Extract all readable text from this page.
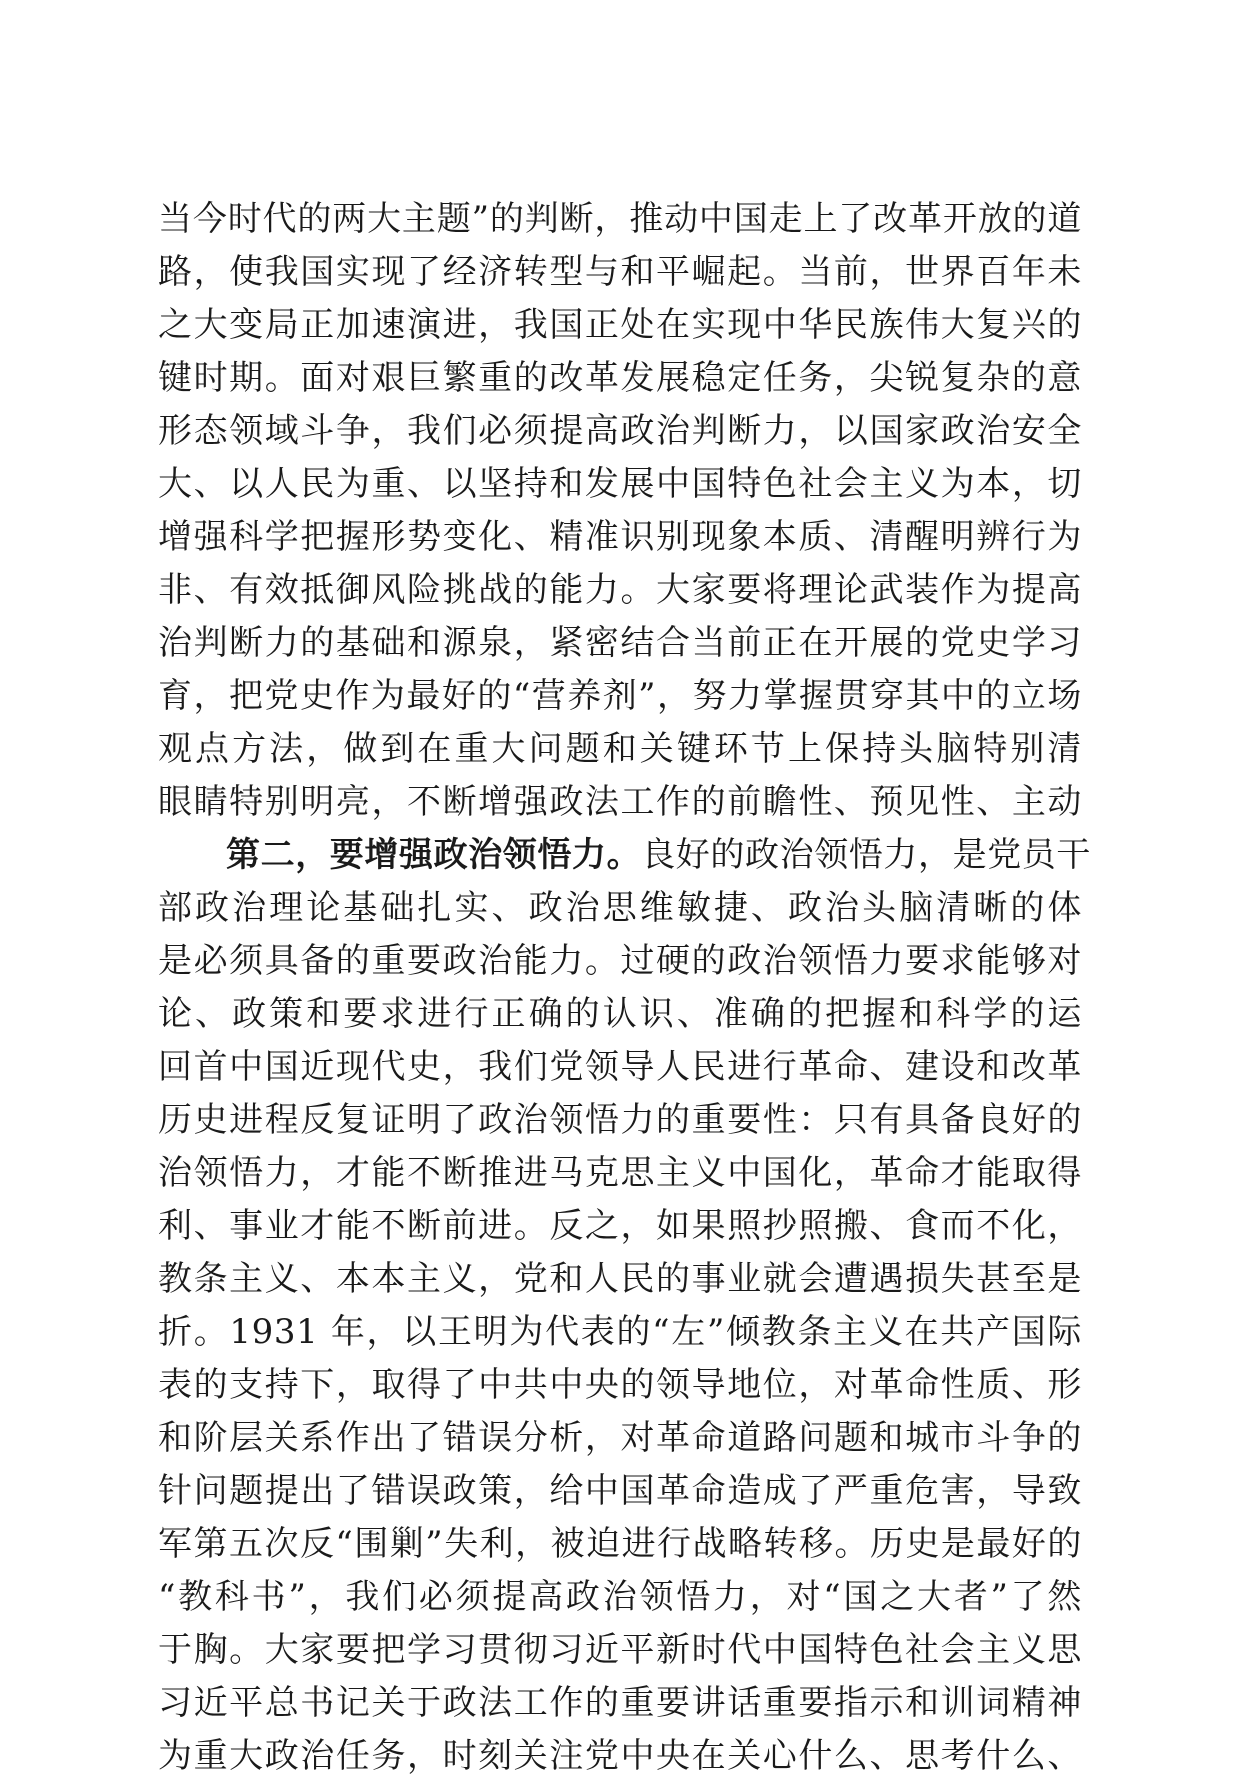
当今时代的两大主题”的判断，推动中国走上了改革开放的道
路，使我国实现了经济转型与和平崛起。当前，世界百年未
之大变局正加速演进，我国正处在实现中华民族伟大复兴的
键时期。面对艰巨繁重的改革发展稳定任务，尖锐复杂的意
形态领域斗争，我们必须提高政治判断力，以国家政治安全
大、以人民为重、以坚持和发展中国特色社会主义为本，切
增强科学把握形势变化、精准识别现象本质、清醒明辨行为
非、有效抵御风险挑战的能力。大家要将理论武装作为提高
治判断力的基础和源泉，紧密结合当前正在开展的党史学习
育，把党史作为最好的“营养剂”，努力掌握贯穿其中的立场
观点方法，做到在重大问题和关键环节上保持头脑特别清
眼睛特别明亮，不断增强政法工作的前瞻性、预见性、主动
第二，要增强政治领悟力。良好的政治领悟力，是党员干
部政治理论基础扎实、政治思维敏捷、政治头脑清晰的体
是必须具备的重要政治能力。过硬的政治领悟力要求能够对
论、政策和要求进行正确的认识、准确的把握和科学的运
回首中国近现代史，我们党领导人民进行革命、建设和改革
历史进程反复证明了政治领悟力的重要性：只有具备良好的
治领悟力，才能不断推进马克思主义中国化，革命才能取得
利、事业才能不断前进。反之，如果照抄照搬、食而不化，
教条主义、本本主义，党和人民的事业就会遭遇损失甚至是
折。1931 年，以王明为代表的“左”倾教条主义在共产国际
表的支持下，取得了中共中央的领导地位，对革命性质、形
和阶层关系作出了错误分析，对革命道路问题和城市斗争的
针问题提出了错误政策，给中国革命造成了严重危害，导致
军第五次反“围剿”失利，被迫进行战略转移。历史是最好的
“教科书”，我们必须提高政治领悟力，对“国之大者”了然
于胸。大家要把学习贯彻习近平新时代中国特色社会主义思
习近平总书记关于政法工作的重要讲话重要指示和训词精神
为重大政治任务，时刻关注党中央在关心什么、思考什么、
